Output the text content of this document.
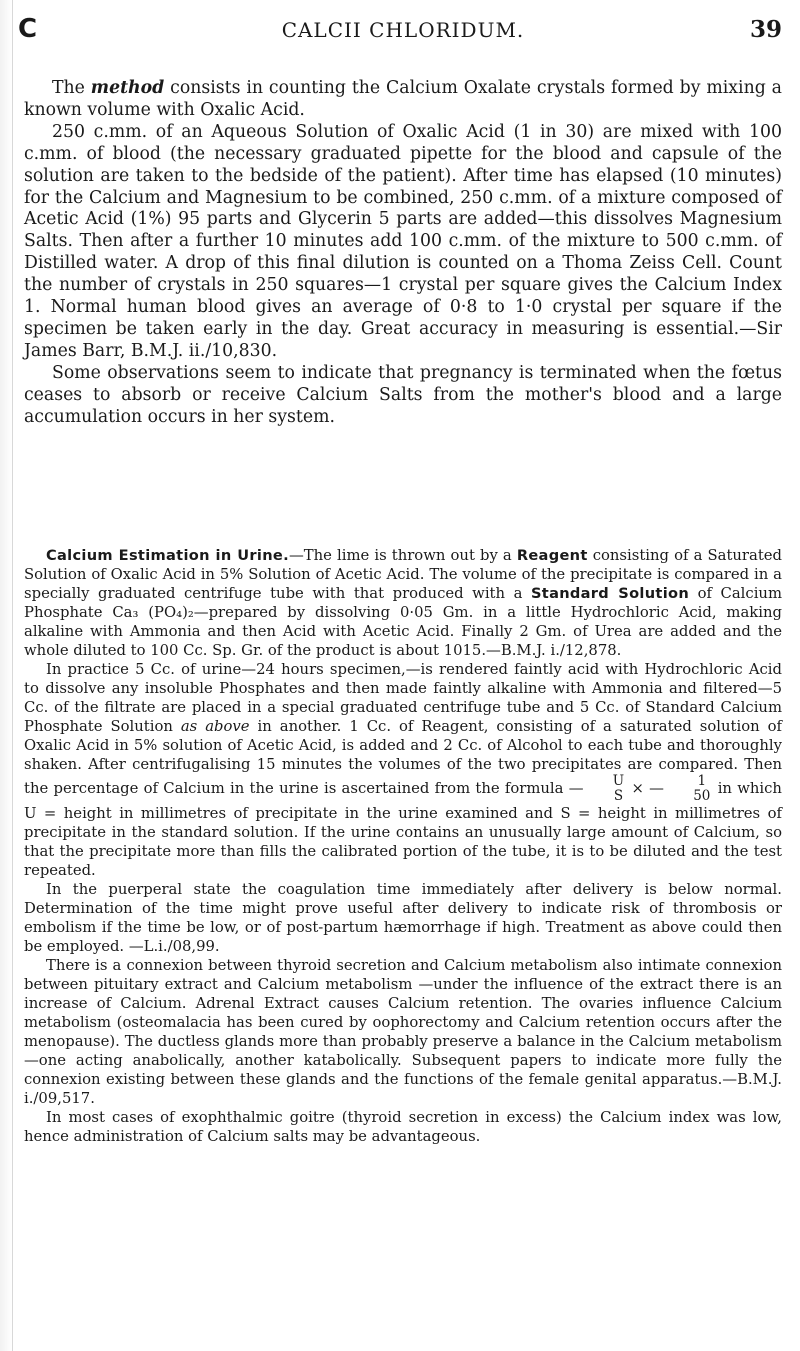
C	CALCII CHLORIDUM.	39

The method consists in counting the Calcium Oxalate crystals formed by mixing a known volume with Oxalic Acid.

250 c.mm. of an Aqueous Solution of Oxalic Acid (1 in 30) are mixed with 100 c.mm. of blood (the necessary graduated pipette for the blood and capsule of the solution are taken to the bedside of the patient). After time has elapsed (10 minutes) for the Calcium and Magnesium to be combined, 250 c.mm. of a mixture composed of Acetic Acid (1%) 95 parts and Glycerin 5 parts are added—this dissolves Magnesium Salts. Then after a further 10 minutes add 100 c.mm. of the mixture to 500 c.mm. of Distilled water. A drop of this final dilution is counted on a Thoma Zeiss Cell. Count the number of crystals in 250 squares—1 crystal per square gives the Calcium Index 1. Normal human blood gives an average of 0·8 to 1·0 crystal per square if the specimen be taken early in the day. Great accuracy in measuring is essential.—Sir James Barr, B.M.J. ii./10,830.

Some observations seem to indicate that pregnancy is terminated when the fœtus ceases to absorb or receive Calcium Salts from the mother's blood and a large accumulation occurs in her system.

Calcium Estimation in Urine.—The lime is thrown out by a Reagent consisting of a Saturated Solution of Oxalic Acid in 5% Solution of Acetic Acid. The volume of the precipitate is compared in a specially graduated centrifuge tube with that produced with a Standard Solution of Calcium Phosphate Ca₃ (PO₄)₂—prepared by dissolving 0·05 Gm. in a little Hydrochloric Acid, making alkaline with Ammonia and then Acid with Acetic Acid. Finally 2 Gm. of Urea are added and the whole diluted to 100 Cc. Sp. Gr. of the product is about 1015.—B.M.J. i./12,878.

In practice 5 Cc. of urine—24 hours specimen,—is rendered faintly acid with Hydrochloric Acid to dissolve any insoluble Phosphates and then made faintly alkaline with Ammonia and filtered—5 Cc. of the filtrate are placed in a special graduated centrifuge tube and 5 Cc. of Standard Calcium Phosphate Solution as above in another. 1 Cc. of Reagent, consisting of a saturated solution of Oxalic Acid in 5% solution of Acetic Acid, is added and 2 Cc. of Alcohol to each tube and thoroughly shaken. After centrifugalising 15 minutes the volumes of the two precipitates are compared. Then the percentage of Calcium in the urine is ascertained from the formula —	U
S × —	1
50 in which U = height in millimetres of precipitate in the urine examined and S = height in millimetres of precipitate in the standard solution. If the urine contains an unusually large amount of Calcium, so that the precipitate more than fills the calibrated portion of the tube, it is to be diluted and the test repeated.

In the puerperal state the coagulation time immediately after delivery is below normal. Determination of the time might prove useful after delivery to indicate risk of thrombosis or embolism if the time be low, or of post-partum hæmorrhage if high. Treatment as above could then be employed. —L.i./08,99.

There is a connexion between thyroid secretion and Calcium metabolism also intimate connexion between pituitary extract and Calcium metabolism —under the influence of the extract there is an increase of Calcium. Adrenal Extract causes Calcium retention. The ovaries influence Calcium metabolism (osteomalacia has been cured by oophorectomy and Calcium retention occurs after the menopause). The ductless glands more than probably preserve a balance in the Calcium metabolism—one acting anabolically, another katabolically. Subsequent papers to indicate more fully the connexion existing between these glands and the functions of the female genital apparatus.—B.M.J. i./09,517.

In most cases of exophthalmic goitre (thyroid secretion in excess) the Calcium index was low, hence administration of Calcium salts may be advantageous.
